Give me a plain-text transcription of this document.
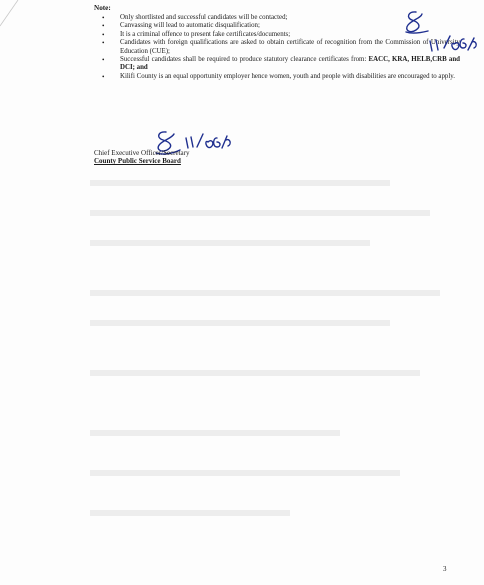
Note:
• Only shortlisted and successful candidates will be contacted;
• Canvassing will lead to automatic disqualification;
• It is a criminal offence to present fake certificates/documents;
• Candidates with foreign qualifications are asked to obtain certificate of recognition from the Commission of University Education (CUE);
• Successful candidates shall be required to produce statutory clearance certificates from: EACC, KRA, HELB,CRB and DCI; and
• Kilifi County is an equal opportunity employer hence women, youth and people with disabilities are encouraged to apply.
Chief Executive Officer/Secretary
County Public Service Board
3
